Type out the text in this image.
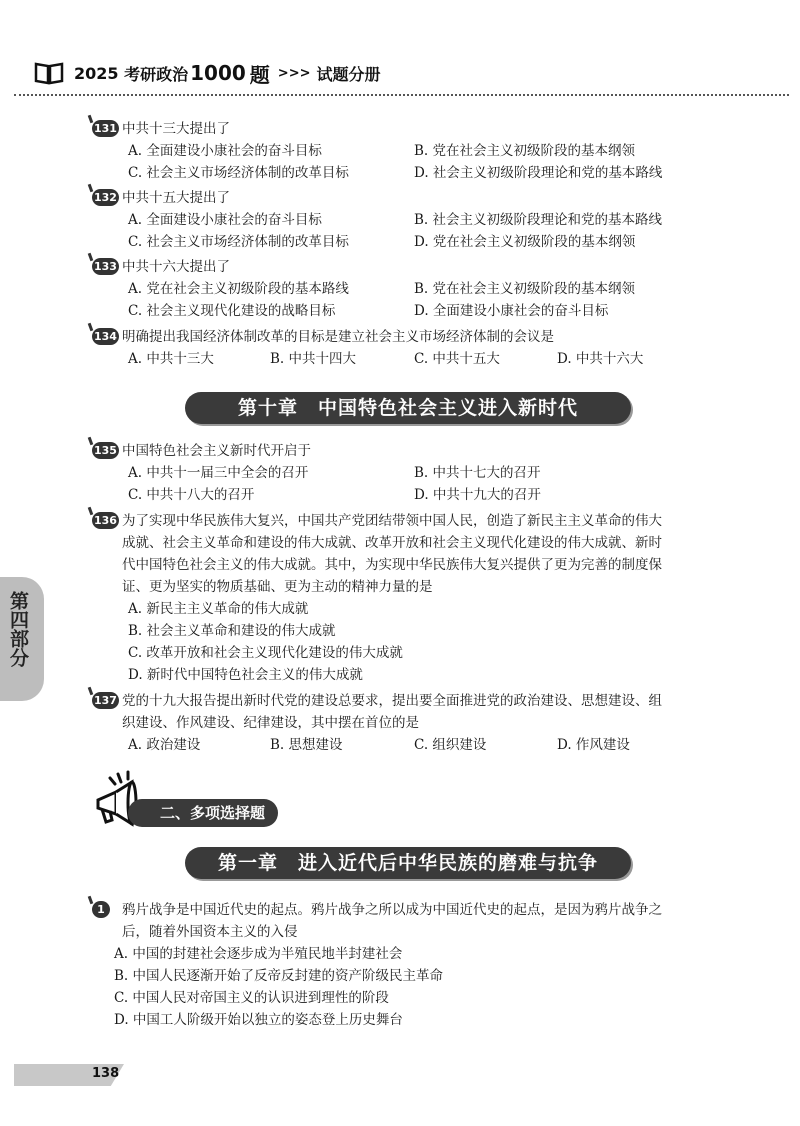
2025
考研政治 1000 题 >>> 试题分册
131 中共十三大提出了
A. 全面建设小康社会的奋斗目标	B. 党在社会主义初级阶段的基本纲领
C. 社会主义市场经济体制的改革目标	D. 社会主义初级阶段理论和党的基本路线
132 中共十五大提出了
A. 全面建设小康社会的奋斗目标	B. 社会主义初级阶段理论和党的基本路线
C. 社会主义市场经济体制的改革目标	D. 党在社会主义初级阶段的基本纲领
133 中共十六大提出了
A. 党在社会主义初级阶段的基本路线	B. 党在社会主义初级阶段的基本纲领
C. 社会主义现代化建设的战略目标	D. 全面建设小康社会的奋斗目标
134 明确提出我国经济体制改革的目标是建立社会主义市场经济体制的会议是
A. 中共十三大	B. 中共十四大	C. 中共十五大	D. 中共十六大
第十章　中国特色社会主义进入新时代
135 中国特色社会主义新时代开启于
A. 中共十一届三中全会的召开	B. 中共十七大的召开
C. 中共十八大的召开	D. 中共十九大的召开
136 为了实现中华民族伟大复兴，中国共产党团结带领中国人民，创造了新民主主义革命的伟大成就、社会主义革命和建设的伟大成就、改革开放和社会主义现代化建设的伟大成就、新时代中国特色社会主义的伟大成就。其中，为实现中华民族伟大复兴提供了更为完善的制度保证、更为坚实的物质基础、更为主动的精神力量的是
A. 新民主主义革命的伟大成就
B. 社会主义革命和建设的伟大成就
C. 改革开放和社会主义现代化建设的伟大成就
D. 新时代中国特色社会主义的伟大成就
137 党的十九大报告提出新时代党的建设总要求，提出要全面推进党的政治建设、思想建设、组织建设、作风建设、纪律建设，其中摆在首位的是
A. 政治建设	B. 思想建设	C. 组织建设	D. 作风建设
第四部分
二、多项选择题
第一章　进入近代后中华民族的磨难与抗争
1	鸦片战争是中国近代史的起点。鸦片战争之所以成为中国近代史的起点，是因为鸦片战争之后，随着外国资本主义的入侵
A. 中国的封建社会逐步成为半殖民地半封建社会
B. 中国人民逐渐开始了反帝反封建的资产阶级民主革命
C. 中国人民对帝国主义的认识进到理性的阶段
D. 中国工人阶级开始以独立的姿态登上历史舞台
138
